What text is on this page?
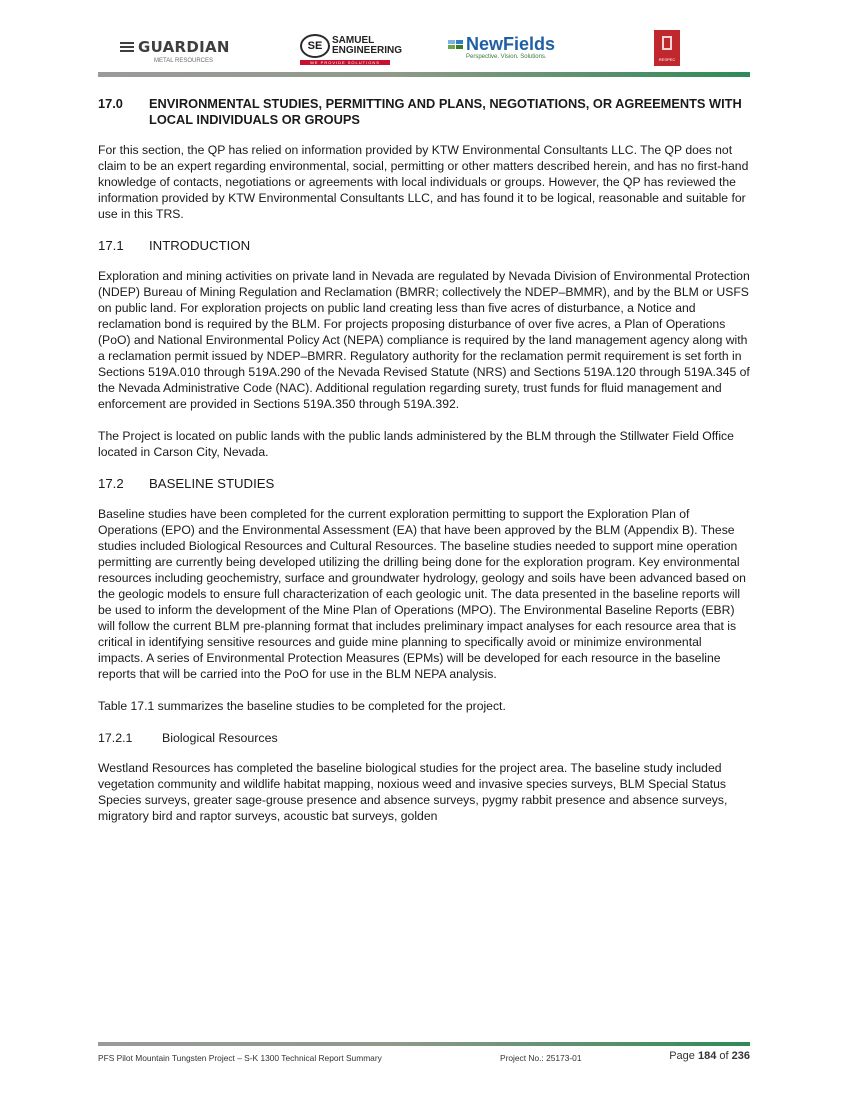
GUARDIAN
METAL RESOURCES
SE SAMUEL
ENGINEERING
WE PROVIDE SOLUTIONS
NewFields
Perspective. Vision. Solutions.	RESPEC
17.0	ENVIRONMENTAL STUDIES, PERMITTING AND PLANS, NEGOTIATIONS, OR AGREEMENTS WITH LOCAL INDIVIDUALS OR GROUPS

For this section, the QP has relied on information provided by KTW Environmental Consultants LLC. The QP does not claim to be an expert regarding environmental, social, permitting or other matters described herein, and has no first-hand knowledge of contacts, negotiations or agreements with local individuals or groups. However, the QP has reviewed the information provided by KTW Environmental Consultants LLC, and has found it to be logical, reasonable and suitable for use in this TRS.

17.1	INTRODUCTION

Exploration and mining activities on private land in Nevada are regulated by Nevada Division of Environmental Protection (NDEP) Bureau of Mining Regulation and Reclamation (BMRR; collectively the NDEP–BMMR), and by the BLM or USFS on public land. For exploration projects on public land creating less than five acres of disturbance, a Notice and reclamation bond is required by the BLM. For projects proposing disturbance of over five acres, a Plan of Operations (PoO) and National Environmental Policy Act (NEPA) compliance is required by the land management agency along with a reclamation permit issued by NDEP–BMRR. Regulatory authority for the reclamation permit requirement is set forth in Sections 519A.010 through 519A.290 of the Nevada Revised Statute (NRS) and Sections 519A.120 through 519A.345 of the Nevada Administrative Code (NAC). Additional regulation regarding surety, trust funds for fluid management and enforcement are provided in Sections 519A.350 through 519A.392.

The Project is located on public lands with the public lands administered by the BLM through the Stillwater Field Office located in Carson City, Nevada.

17.2	BASELINE STUDIES

Baseline studies have been completed for the current exploration permitting to support the Exploration Plan of Operations (EPO) and the Environmental Assessment (EA) that have been approved by the BLM (Appendix B). These studies included Biological Resources and Cultural Resources. The baseline studies needed to support mine operation permitting are currently being developed utilizing the drilling being done for the exploration program. Key environmental resources including geochemistry, surface and groundwater hydrology, geology and soils have been advanced based on the geologic models to ensure full characterization of each geologic unit. The data presented in the baseline reports will be used to inform the development of the Mine Plan of Operations (MPO). The Environmental Baseline Reports (EBR) will follow the current BLM pre-planning format that includes preliminary impact analyses for each resource area that is critical in identifying sensitive resources and guide mine planning to specifically avoid or minimize environmental impacts. A series of Environmental Protection Measures (EPMs) will be developed for each resource in the baseline reports that will be carried into the PoO for use in the BLM NEPA analysis.

Table 17.1 summarizes the baseline studies to be completed for the project.

17.2.1	Biological Resources

Westland Resources has completed the baseline biological studies for the project area. The baseline study included vegetation community and wildlife habitat mapping, noxious weed and invasive species surveys, BLM Special Status Species surveys, greater sage-grouse presence and absence surveys, pygmy rabbit presence and absence surveys, migratory bird and raptor surveys, acoustic bat surveys, golden

PFS Pilot Mountain Tungsten Project – S-K 1300 Technical Report Summary	Project No.: 25173-01	Page 184 of 236
